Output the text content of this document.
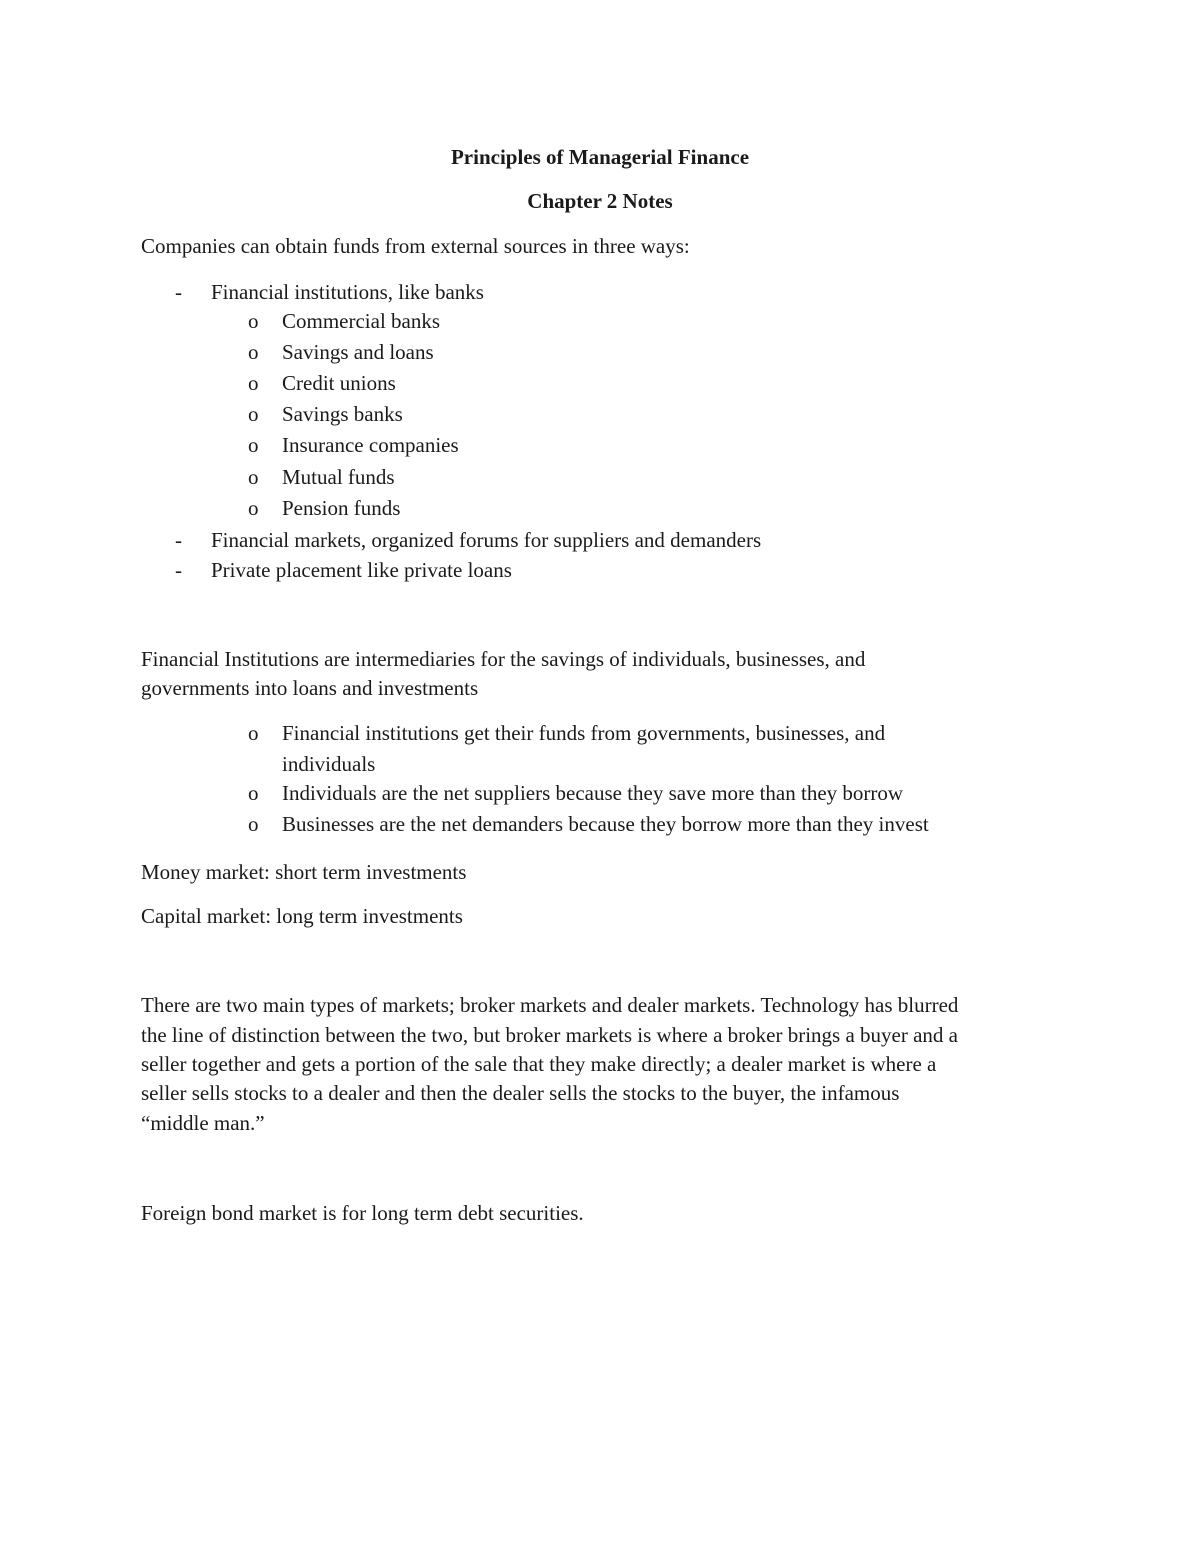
Principles of Managerial Finance
Chapter 2 Notes
Companies can obtain funds from external sources in three ways:
- Financial institutions, like banks
o Commercial banks
o Savings and loans
o Credit unions
o Savings banks
o Insurance companies
o Mutual funds
o Pension funds
- Financial markets, organized forums for suppliers and demanders
- Private placement like private loans
Financial Institutions are intermediaries for the savings of individuals, businesses, and
governments into loans and investments
o Financial institutions get their funds from governments, businesses, and
individuals
o Individuals are the net suppliers because they save more than they borrow
o Businesses are the net demanders because they borrow more than they invest
Money market: short term investments
Capital market: long term investments
There are two main types of markets; broker markets and dealer markets. Technology has blurred
the line of distinction between the two, but broker markets is where a broker brings a buyer and a
seller together and gets a portion of the sale that they make directly; a dealer market is where a
seller sells stocks to a dealer and then the dealer sells the stocks to the buyer, the infamous
“middle man.”
Foreign bond market is for long term debt securities.
